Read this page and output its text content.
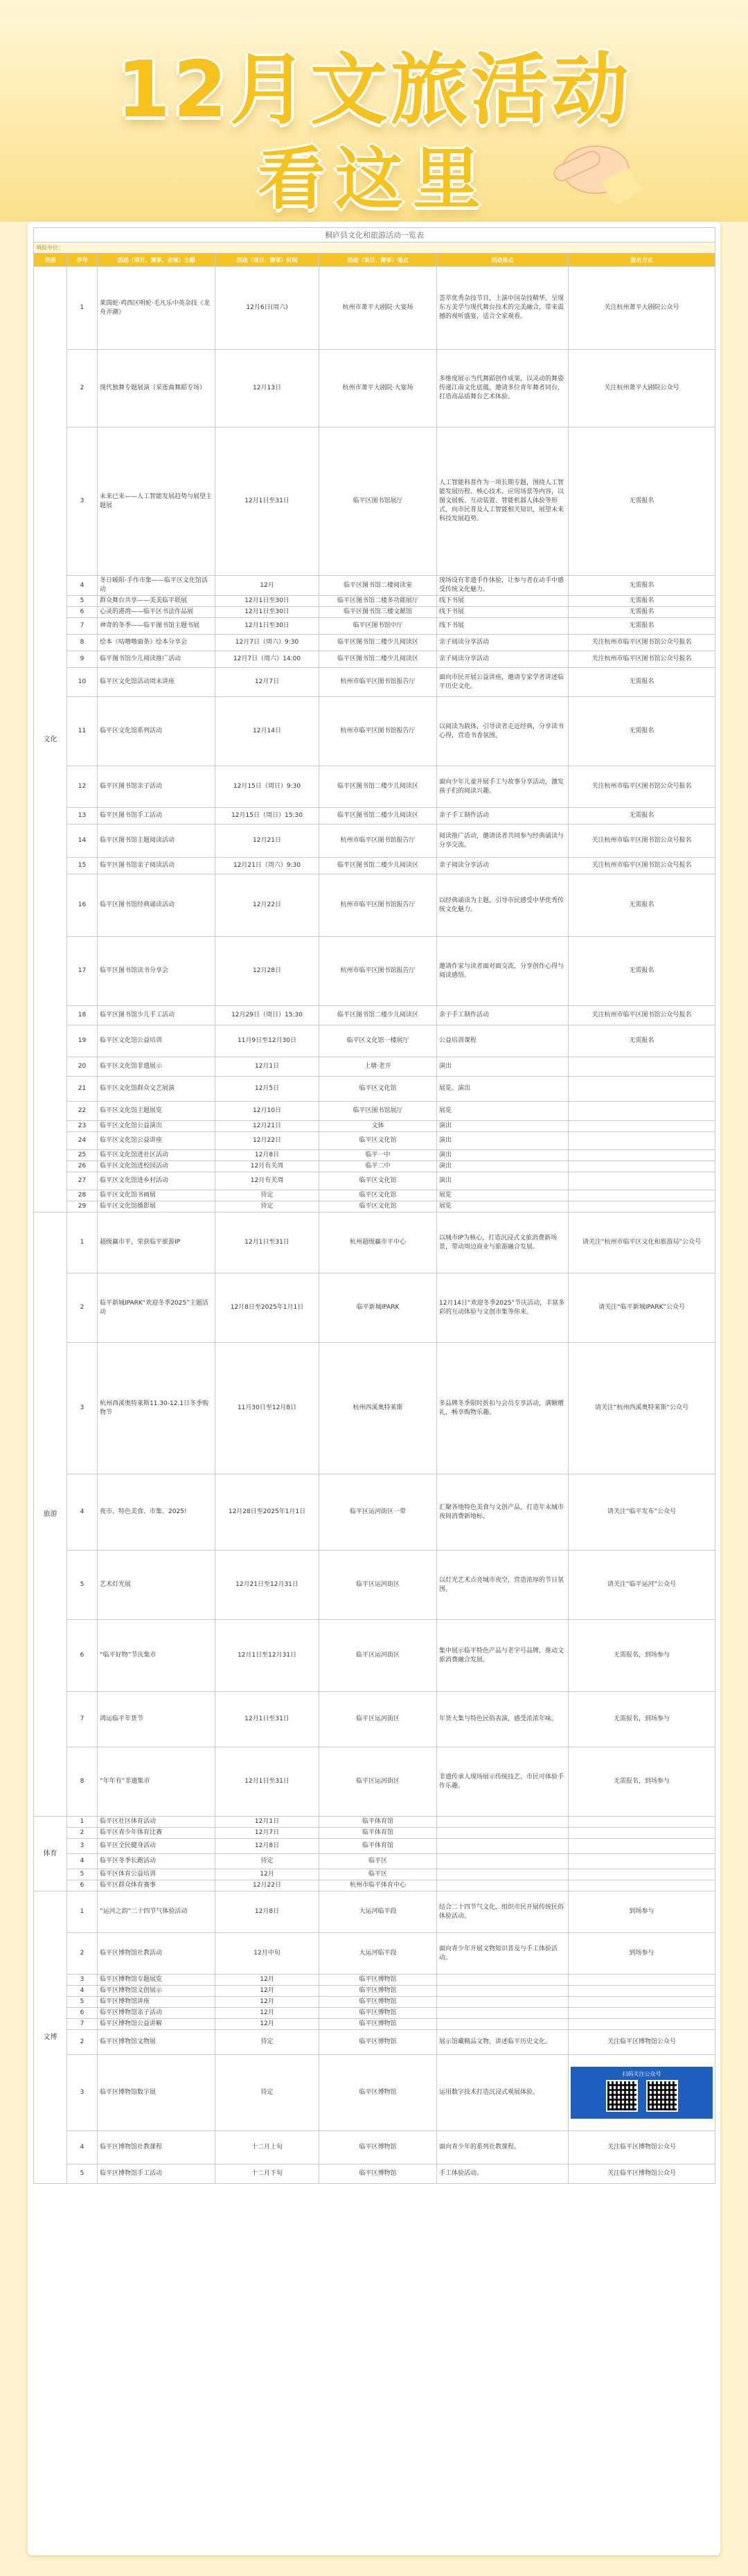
12月文旅活动
看这里
桐庐县文化和旅游活动一览表						
填报单位：						
类别	序号	活动（项目、赛事、会展）主题	活动（项目、赛事）时间	活动（项目、赛事）地点	活动亮点	报名方式
文化	1	莱茵蛇·鸡西区明轮·毛凡乐中英杂技《龙舟弄潮》	12月6日(周六)	杭州市萧平大剧院·大宴场	荟萃优秀杂技节目，上演中国杂技精华，呈现东方美学与现代舞台技术的完美融合，带来震撼的视听盛宴，适合全家观看。	关注杭州萧平大剧院公众号
	2	现代独舞专题展演（采莲曲舞蹈专场）	12月13日	杭州市萧平大剧院·大宴场	多维度展示当代舞蹈创作成果，以灵动的舞姿传递江南文化底蕴，邀请多位青年舞者同台，打造高品质舞台艺术体验。	关注杭州萧平大剧院公众号
	3	未来已来——人工智能发展趋势与展望主题展	12月1日至31日	临平区图书馆展厅	人工智能科普作为一项长期专题，围绕人工智能发展历程、核心技术、应用场景等内容，以图文展板、互动装置、智能机器人体验等形式，向市民普及人工智能相关知识，展望未来科技发展趋势。	无需报名
	4	冬日暖阳·手作市集——临平区文化馆活动	12月	临平区图书馆二楼阅读室	现场设有非遗手作体验，让参与者在动手中感受传统文化魅力。	无需报名
	5	群众舞台共享——美美临平联展	12月1日至30日	临平区图书馆二楼多功能展厅	线下书展	无需报名
	6	心灵的港湾——临平区书法作品展	12月1日至30日	临平区图书馆三楼文献馆	线下书展	无需报名
	7	神奇的冬季——临平图书馆主题书展	12月1日至30日	临平区图书馆中厅	线下书展	无需报名
	8	绘本《咕噜噜面条》绘本分享会	12月7日（周六）9:30	临平区图书馆二楼少儿阅读区	亲子阅读分享活动	关注杭州市临平区图书馆公众号报名
	9	临平图书馆少儿阅读推广活动	12月7日（周六）14:00	临平区图书馆二楼少儿阅读区	亲子阅读分享活动	关注杭州市临平区图书馆公众号报名
	10	临平区文化馆活动周末讲座	12月7日	杭州市临平区图书馆报告厅	面向市民开展公益讲座，邀请专家学者讲述临平历史文化。	无需报名
	11	临平区文化馆系列活动	12月14日	杭州市临平区图书馆报告厅	以阅读为载体，引导读者走近经典，分享读书心得，营造书香氛围。	无需报名
	12	临平区图书馆亲子活动	12月15日（周日）9:30	临平区图书馆二楼少儿阅读区	面向少年儿童开展手工与故事分享活动，激发孩子们的阅读兴趣。	关注杭州市临平区图书馆公众号报名
	13	临平区图书馆手工活动	12月15日（周日）15:30	临平区图书馆二楼少儿阅读区	亲子手工制作活动	无需报名
	14	临平区图书馆主题阅读活动	12月21日	杭州市临平区图书馆报告厅	阅读推广活动，邀请读者共同参与经典诵读与分享交流。	关注杭州市临平区图书馆公众号报名
	15	临平区图书馆亲子阅读活动	12月21日（周六）9:30	临平区图书馆二楼少儿阅读区	亲子阅读分享活动	关注杭州市临平区图书馆公众号报名
	16	临平区图书馆经典诵读活动	12月22日	杭州市临平区图书馆报告厅	以经典诵读为主题，引导市民感受中华优秀传统文化魅力。	无需报名
	17	临平区图书馆读书分享会	12月28日	杭州市临平区图书馆报告厅	邀请作家与读者面对面交流，分享创作心得与阅读感悟。	无需报名
	18	临平区图书馆少儿手工活动	12月29日（周日）15:30	临平区图书馆二楼少儿阅读区	亲子手工制作活动	关注杭州市临平区图书馆公众号报名
	19	临平区文化馆公益培训	11月9日至12月30日	临平区文化馆一楼展厅	公益培训课程	无需报名
	20	临平区文化馆非遗展示	12月1日	上塘·老开	演出	
	21	临平区文化馆群众文艺展演	12月5日	临平区文化馆	展览、演出	
	22	临平区文化馆主题展览	12月10日	临平区图书馆展厅	展览	
	23	临平区文化馆公益演出	12月21日	文体	演出	
	24	临平区文化馆公益讲座	12月22日	临平区文化馆	演出	
	25	临平区文化馆进社区活动	12月8日	临平一中	演出	
	26	临平区文化馆进校园活动	12月有关周	临平二中	演出	
	27	临平区文化馆进乡村活动	12月有关周	临平区文化馆	演出	
	28	临平区文化馆书画展	待定	临平区文化馆	展览	
	29	临平区文化馆摄影展	待定	临平区文化馆	展览	
旅游	1	超级赢市平，荣获临平旅游IP	12月1日至31日	杭州超级赢市平中心	以城市IP为核心，打造沉浸式文旅消费新场景，带动周边商业与旅游融合发展。	请关注“杭州市临平区文化和旅游局”公众号
	2	临平新城IPARK“欢迎冬季2025”主题活动	12月8日至2025年1月1日	临平新城IPARK	12月14日“欢迎冬季2025”节庆活动，丰富多彩的互动体验与文创市集等你来。	请关注“临平新城IPARK”公众号
	3	杭州西溪奥特莱斯11.30-12.1日冬季购物节	11月30日至12月8日	杭州西溪奥特莱斯	多品牌冬季限时折扣与会员专享活动，满额赠礼，畅享购物乐趣。	请关注“杭州西溪奥特莱斯”公众号
	4	夜市、特色美食、市集、2025!	12月28日至2025年1月1日	临平区运河街区一带	汇聚各地特色美食与文创产品，打造年末城市夜间消费新地标。	请关注“临平发布”公众号
	5	艺术灯光展	12月21日至12月31日	临平区运河街区	以灯光艺术点亮城市夜空，营造浓厚的节日氛围。	请关注“临平运河”公众号
	6	“临平好物”节庆集市	12月1日至12月31日	临平区运河街区	集中展示临平特色产品与老字号品牌，推动文旅消费融合发展。	无需报名，到场参与
	7	鸿运临平年货节	12月1日至31日	临平区运河街区	年货大集与特色民俗表演，感受浓浓年味。	无需报名，到场参与
	8	“年年有”非遗集市	12月1日至31日	临平区运河街区	非遗传承人现场展示传统技艺，市民可体验手作乐趣。	无需报名，到场参与
体育	1	临平区社区体育活动	12月1日	临平体育馆		
	2	临平区青少年体育比赛	12月7日	临平体育馆		
	3	临平区全民健身活动	12月8日	临平体育馆		
	4	临平区冬季长跑活动	待定	临平区		
	5	临平区体育公益培训	12月	临平区		
	6	临平区群众体育赛事	12月22日	杭州市临平体育中心		
文博	1	“运河之韵”二十四节气体验活动	12月8日	大运河临平段	结合二十四节气文化，组织市民开展传统民俗体验活动。	到场参与
	2	临平区博物馆社教活动	12月中旬	大运河临平段	面向青少年开展文物知识普及与手工体验活动。	到场参与
	3	临平区博物馆专题展览	12月	临平区博物馆		
	4	临平区博物馆文创展示	12月	临平区博物馆		
	5	临平区博物馆讲座	12月	临平区博物馆		
	6	临平区博物馆亲子活动	12月	临平区博物馆		
	7	临平区博物馆公益讲解	12月	临平区博物馆		
	2	临平区博物馆文物展	待定	临平区博物馆	展示馆藏精品文物，讲述临平历史文化。	关注临平区博物馆公众号
	3	临平区博物馆数字展	待定	临平区博物馆	运用数字技术打造沉浸式观展体验。	扫码关注公众号

	4	临平区博物馆社教课程	十二月上旬	临平区博物馆	面向青少年的系列社教课程。	关注临平区博物馆公众号
	5	临平区博物馆手工活动	十二月下旬	临平区博物馆	手工体验活动。	关注临平区博物馆公众号
